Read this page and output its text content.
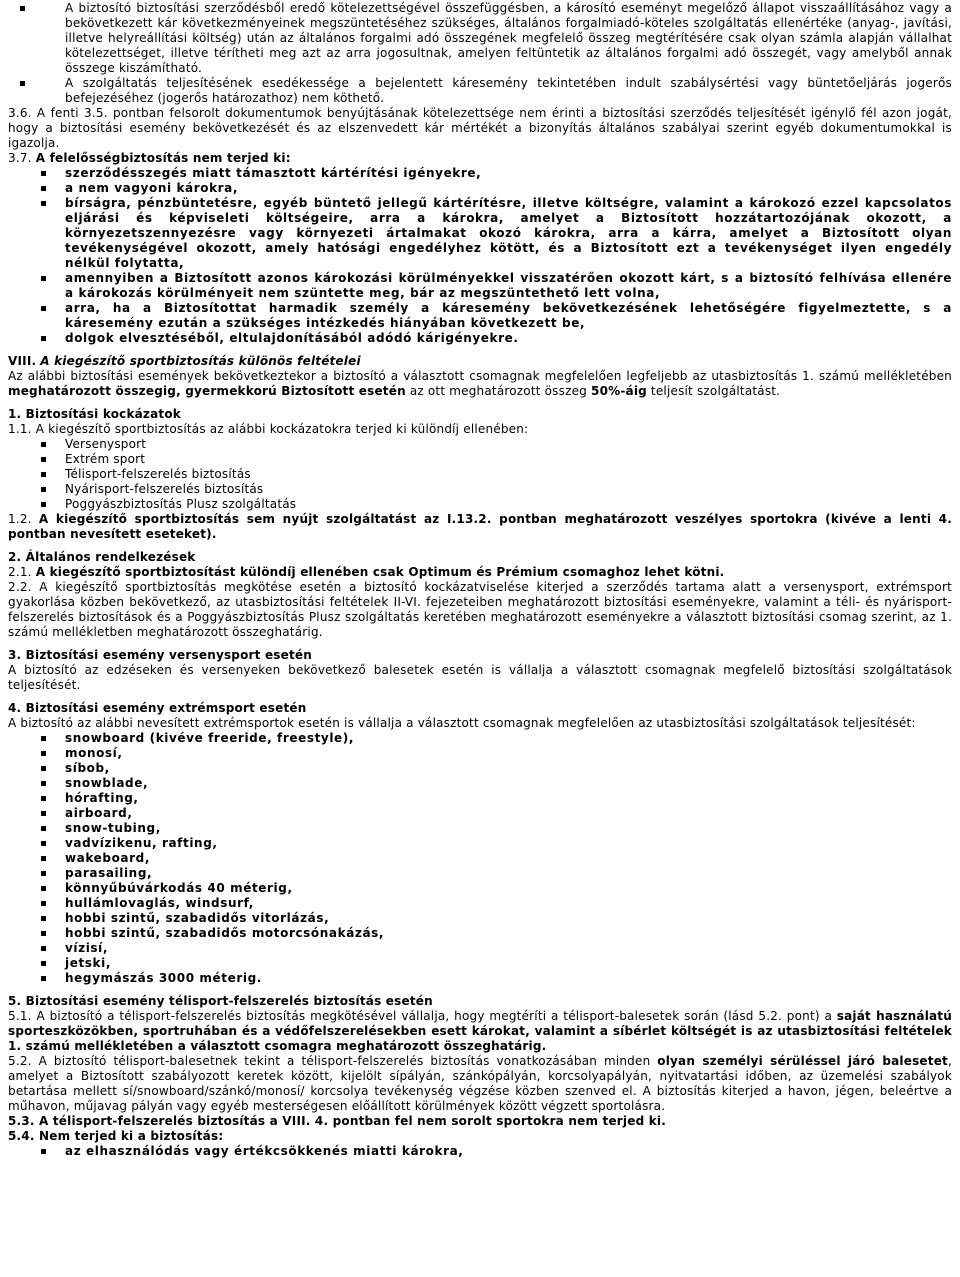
A biztosító biztosítási szerződésből eredő kötelezettségével összefüggésben, a károsító eseményt megelőző állapot visszaállításához vagy a bekövetkezett kár következményeinek megszüntetéséhez szükséges, általános forgalmiadó-köteles szolgáltatás ellenértéke (anyag-, javítási, illetve helyreállítási költség) után az általános forgalmi adó összegének megfelelő összeg megtérítésére csak olyan számla alapján vállalhat kötelezettséget, illetve térítheti meg azt az arra jogosultnak, amelyen feltüntetik az általános forgalmi adó összegét, vagy amelyből annak összege kiszámítható.
A szolgáltatás teljesítésének esedékessége a bejelentett káresemény tekintetében indult szabálysértési vagy büntetőeljárás jogerős befejezéséhez (jogerős határozathoz) nem köthető.

3.6. A fenti 3.5. pontban felsorolt dokumentumok benyújtásának kötelezettsége nem érinti a biztosítási szerződés teljesítését igénylő fél azon jogát, hogy a biztosítási esemény bekövetkezését és az elszenvedett kár mértékét a bizonyítás általános szabályai szerint egyéb dokumentumokkal is igazolja.

3.7. A felelősségbiztosítás nem terjed ki:

szerződésszegés miatt támasztott kártérítési igényekre,
a nem vagyoni károkra,
bírságra, pénzbüntetésre, egyéb büntető jellegű kártérítésre, illetve költségre, valamint a károkozó ezzel kapcsolatos eljárási és képviseleti költségeire, arra a károkra, amelyet a Biztosított hozzátartozójának okozott, a környezetszennyezésre vagy környezeti ártalmakat okozó károkra, arra a kárra, amelyet a Biztosított olyan tevékenységével okozott, amely hatósági engedélyhez kötött, és a Biztosított ezt a tevékenységet ilyen engedély nélkül folytatta,
amennyiben a Biztosított azonos károkozási körülményekkel visszatérően okozott kárt, s a biztosító felhívása ellenére a károkozás körülményeit nem szüntette meg, bár az megszüntethető lett volna,
arra, ha a Biztosítottat harmadik személy a káresemény bekövetkezésének lehetőségére figyelmeztette, s a káresemény ezután a szükséges intézkedés hiányában következett be,
dolgok elvesztéséből, eltulajdonításából adódó kárigényekre.

VIII. A kiegészítő sportbiztosítás különös feltételei

Az alábbi biztosítási események bekövetkeztekor a biztosító a választott csomagnak megfelelően legfeljebb az utasbiztosítás 1. számú mellékletében meghatározott összegig, gyermekkorú Biztosított esetén az ott meghatározott összeg 50%-áig teljesít szolgáltatást.

1. Biztosítási kockázatok

1.1. A kiegészítő sportbiztosítás az alábbi kockázatokra terjed ki különdíj ellenében:

Versenysport
Extrém sport
Télisport-felszerelés biztosítás
Nyárisport-felszerelés biztosítás
Poggyászbiztosítás Plusz szolgáltatás

1.2. A kiegészítő sportbiztosítás sem nyújt szolgáltatást az I.13.2. pontban meghatározott veszélyes sportokra (kivéve a lenti 4. pontban nevesített eseteket).

2. Általános rendelkezések

2.1. A kiegészítő sportbiztosítást különdíj ellenében csak Optimum és Prémium csomaghoz lehet kötni.

2.2. A kiegészítő sportbiztosítás megkötése esetén a biztosító kockázatviselése kiterjed a szerződés tartama alatt a versenysport, extrémsport gyakorlása közben bekövetkező, az utasbiztosítási feltételek II-VI. fejezeteiben meghatározott biztosítási eseményekre, valamint a téli- és nyárisport-felszerelés biztosítások és a Poggyászbiztosítás Plusz szolgáltatás keretében meghatározott eseményekre a választott biztosítási csomag szerint, az 1. számú mellékletben meghatározott összeghatárig.

3. Biztosítási esemény versenysport esetén

A biztosító az edzéseken és versenyeken bekövetkező balesetek esetén is vállalja a választott csomagnak megfelelő biztosítási szolgáltatások teljesítését.

4. Biztosítási esemény extrémsport esetén

A biztosító az alábbi nevesített extrémsportok esetén is vállalja a választott csomagnak megfelelően az utasbiztosítási szolgáltatások teljesítését:

snowboard (kivéve freeride, freestyle),
monosí,
síbob,
snowblade,
hórafting,
airboard,
snow-tubing,
vadvízikenu, rafting,
wakeboard,
parasailing,
könnyűbúvárkodás 40 méterig,
hullámlovaglás, windsurf,
hobbi szintű, szabadidős vitorlázás,
hobbi szintű, szabadidős motorcsónakázás,
vízisí,
jetski,
hegymászás 3000 méterig.

5. Biztosítási esemény télisport-felszerelés biztosítás esetén

5.1. A biztosító a télisport-felszerelés biztosítás megkötésével vállalja, hogy megtéríti a télisport-balesetek során (lásd 5.2. pont) a saját használatú sporteszközökben, sportruhában és a védőfelszerelésekben esett károkat, valamint a síbérlet költségét is az utasbiztosítási feltételek 1. számú mellékletében a választott csomagra meghatározott összeghatárig.

5.2. A biztosító télisport-balesetnek tekint a télisport-felszerelés biztosítás vonatkozásában minden olyan személyi sérüléssel járó balesetet, amelyet a Biztosított szabályozott keretek között, kijelölt sípályán, szánkópályán, korcsolyapályán, nyitvatartási időben, az üzemelési szabályok betartása mellett sí/snowboard/szánkó/monosí/ korcsolya tevékenység végzése közben szenved el. A biztosítás kiterjed a havon, jégen, beleértve a műhavon, műjavag pályán vagy egyéb mesterségesen előállított körülmények között végzett sportolásra.

5.3. A télisport-felszerelés biztosítás a VIII. 4. pontban fel nem sorolt sportokra nem terjed ki.

5.4. Nem terjed ki a biztosítás:

az elhasználódás vagy értékcsökkenés miatti károkra,
